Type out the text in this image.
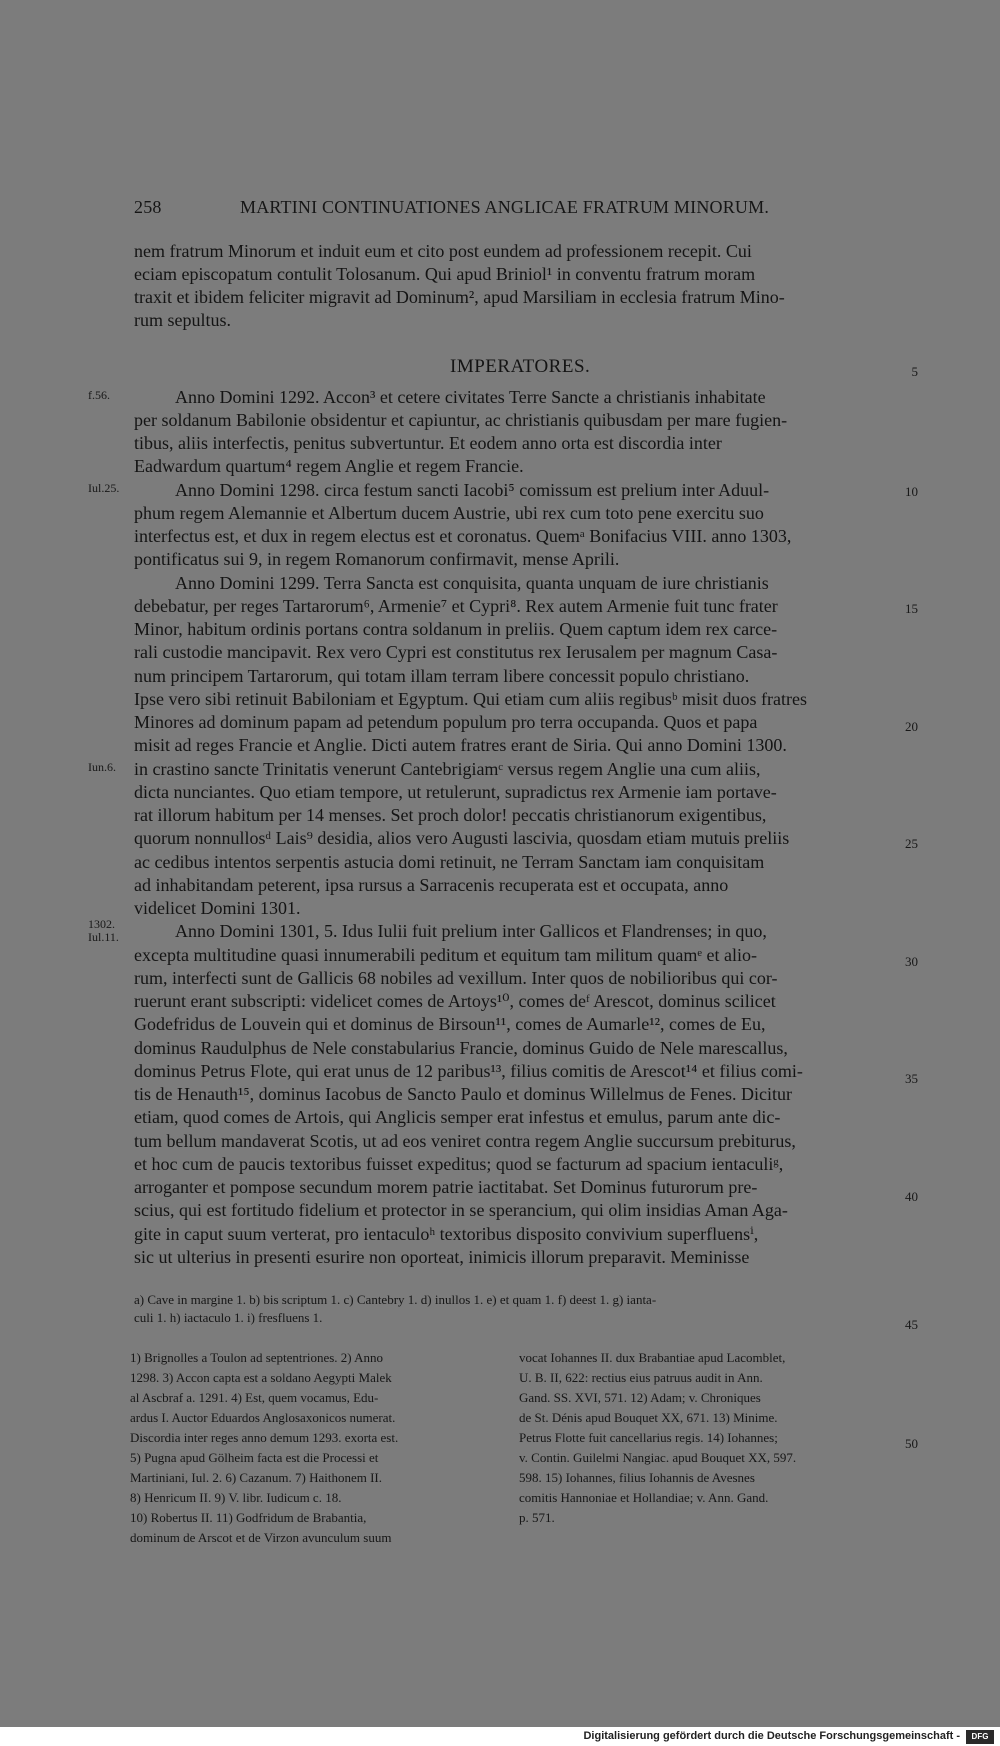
258	MARTINI CONTINUATIONES ANGLICAE FRATRUM MINORUM.
nem fratrum Minorum et induit eum et cito post eundem ad professionem recepit. Cui
eciam episcopatum contulit Tolosanum. Qui apud Briniol¹ in conventu fratrum moram
traxit et ibidem feliciter migravit ad Dominum², apud Marsiliam in ecclesia fratrum Mino-
rum sepultus.
IMPERATORES.
Anno Domini 1292. Accon³ et cetere civitates Terre Sancte a christianis inhabitate
per soldanum Babilonie obsidentur et capiuntur, ac christianis quibusdam per mare fugien-
tibus, aliis interfectis, penitus subvertuntur. Et eodem anno orta est discordia inter
Eadwardum quartum⁴ regem Anglie et regem Francie.
Anno Domini 1298. circa festum sancti Iacobi⁵ comissum est prelium inter Aduul-
phum regem Alemannie et Albertum ducem Austrie, ubi rex cum toto pene exercitu suo
interfectus est, et dux in regem electus est et coronatus. Quemᵃ Bonifacius VIII. anno 1303,
pontificatus sui 9, in regem Romanorum confirmavit, mense Aprili.
Anno Domini 1299. Terra Sancta est conquisita, quanta unquam de iure christianis
debebatur, per reges Tartarorum⁶, Armenie⁷ et Cypri⁸. Rex autem Armenie fuit tunc frater
Minor, habitum ordinis portans contra soldanum in preliis. Quem captum idem rex carce-
rali custodie mancipavit. Rex vero Cypri est constitutus rex Ierusalem per magnum Casa-
num principem Tartarorum, qui totam illam terram libere concessit populo christiano.
Ipse vero sibi retinuit Babiloniam et Egyptum. Qui etiam cum aliis regibusᵇ misit duos fratres
Minores ad dominum papam ad petendum populum pro terra occupanda. Quos et papa
misit ad reges Francie et Anglie. Dicti autem fratres erant de Siria. Qui anno Domini 1300.
in crastino sancte Trinitatis venerunt Cantebrigiamᶜ versus regem Anglie una cum aliis,
dicta nunciantes. Quo etiam tempore, ut retulerunt, supradictus rex Armenie iam portave-
rat illorum habitum per 14 menses. Set proch dolor! peccatis christianorum exigentibus,
quorum nonnullosᵈ Lais⁹ desidia, alios vero Augusti lascivia, quosdam etiam mutuis preliis
ac cedibus intentos serpentis astucia domi retinuit, ne Terram Sanctam iam conquisitam
ad inhabitandam peterent, ipsa rursus a Sarracenis recuperata est et occupata, anno
videlicet Domini 1301.
Anno Domini 1301, 5. Idus Iulii fuit prelium inter Gallicos et Flandrenses; in quo,
excepta multitudine quasi innumerabili peditum et equitum tam militum quamᵉ et alio-
rum, interfecti sunt de Gallicis 68 nobiles ad vexillum. Inter quos de nobilioribus qui cor-
ruerunt erant subscripti: videlicet comes de Artoys¹⁰, comes deᶠ Arescot, dominus scilicet
Godefridus de Louvein qui et dominus de Birsoun¹¹, comes de Aumarle¹², comes de Eu,
dominus Raudulphus de Nele constabularius Francie, dominus Guido de Nele marescallus,
dominus Petrus Flote, qui erat unus de 12 paribus¹³, filius comitis de Arescot¹⁴ et filius comi-
tis de Henauth¹⁵, dominus Iacobus de Sancto Paulo et dominus Willelmus de Fenes. Dicitur
etiam, quod comes de Artois, qui Anglicis semper erat infestus et emulus, parum ante dic-
tum bellum mandaverat Scotis, ut ad eos veniret contra regem Anglie succursum prebiturus,
et hoc cum de paucis textoribus fuisset expeditus; quod se facturum ad spacium ientaculiᵍ,
arroganter et pompose secundum morem patrie iactitabat. Set Dominus futurorum pre-
scius, qui est fortitudo fidelium et protector in se sperancium, qui olim insidias Aman Aga-
gite in caput suum verterat, pro ientaculoʰ textoribus disposito convivium superfluensⁱ,
sic ut ulterius in presenti esurire non oporteat, inimicis illorum preparavit. Meminisse
f.56.
Iul.25.
Iun.6.
1302.
Iul.11.
5
10
15
20
25
30
35
40
45
50
a) Cave in margine 1. b) bis scriptum 1. c) Cantebry 1. d) inullos 1. e) et quam 1. f) deest 1. g) ianta-
culi 1. h) iactaculo 1. i) fresfluens 1.
1) Brignolles a Toulon ad septentriones. 2) Anno
1298. 3) Accon capta est a soldano Aegypti Malek
al Ascbraf a. 1291. 4) Est, quem vocamus, Edu-
ardus I. Auctor Eduardos Anglosaxonicos numerat.
Discordia inter reges anno demum 1293. exorta est.
5) Pugna apud Gölheim facta est die Processi et
Martiniani, Iul. 2. 6) Cazanum. 7) Haithonem II.
8) Henricum II. 9) V. libr. Iudicum c. 18.
10) Robertus II. 11) Godfridum de Brabantia,
dominum de Arscot et de Virzon avunculum suum
vocat Iohannes II. dux Brabantiae apud Lacomblet,
U. B. II, 622: rectius eius patruus audit in Ann.
Gand. SS. XVI, 571. 12) Adam; v. Chroniques
de St. Dénis apud Bouquet XX, 671. 13) Minime.
Petrus Flotte fuit cancellarius regis. 14) Iohannes;
v. Contin. Guilelmi Nangiac. apud Bouquet XX, 597.
598. 15) Iohannes, filius Iohannis de Avesnes
comitis Hannoniae et Hollandiae; v. Ann. Gand.
p. 571.
Digitalisierung gefördert durch die Deutsche Forschungsgemeinschaft -	DFG
